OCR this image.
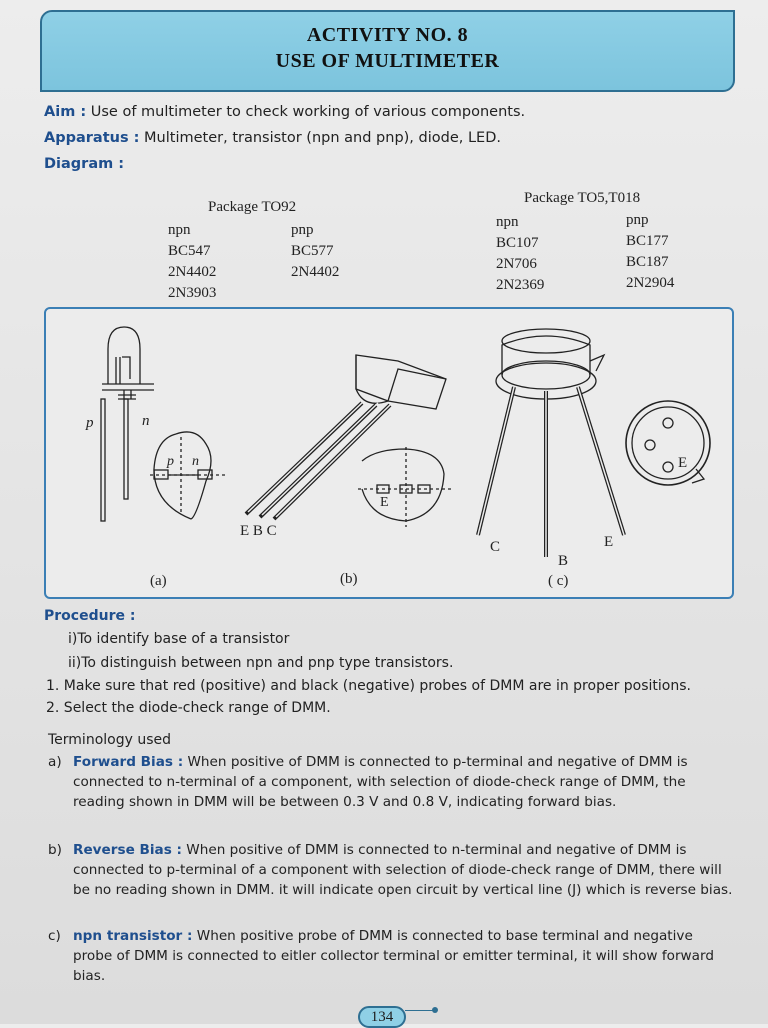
ACTIVITY NO. 8
USE OF MULTIMETER
Aim : Use of multimeter to check working of various components.
Apparatus : Multimeter, transistor (npn and pnp), diode, LED.
Diagram :
Package TO92
npn
BC547
2N4402
2N3903
pnp
BC577
2N4402
Package TO5,T018
npn
BC107
2N706
2N2369
pnp
BC177
BC187
2N2904
p	n
p n
(a)
E
E B C
(b)
C
B
E
E
( c)
Procedure :
i)To identify base of a transistor
ii)To distinguish between npn and pnp type transistors.
1. Make sure that red (positive) and black (negative) probes of DMM are in proper positions.
2. Select the diode-check range of DMM.
Terminology used
a) Forward Bias : When positive of DMM is connected to p-terminal and negative of DMM is connected to n-terminal of a component, with selection of diode-check range of DMM, the reading shown in DMM will be between 0.3 V and 0.8 V, indicating forward bias.
b) Reverse Bias : When positive of DMM is connected to n-terminal and negative of DMM is connected to p-terminal of a component with selection of diode-check range of DMM, there will be no reading shown in DMM. it will indicate open circuit by vertical line (J) which is reverse bias.
c) npn transistor : When positive probe of DMM is connected to base terminal and negative probe of DMM is connected to eitler collector terminal or emitter terminal, it will show forward bias.
134
